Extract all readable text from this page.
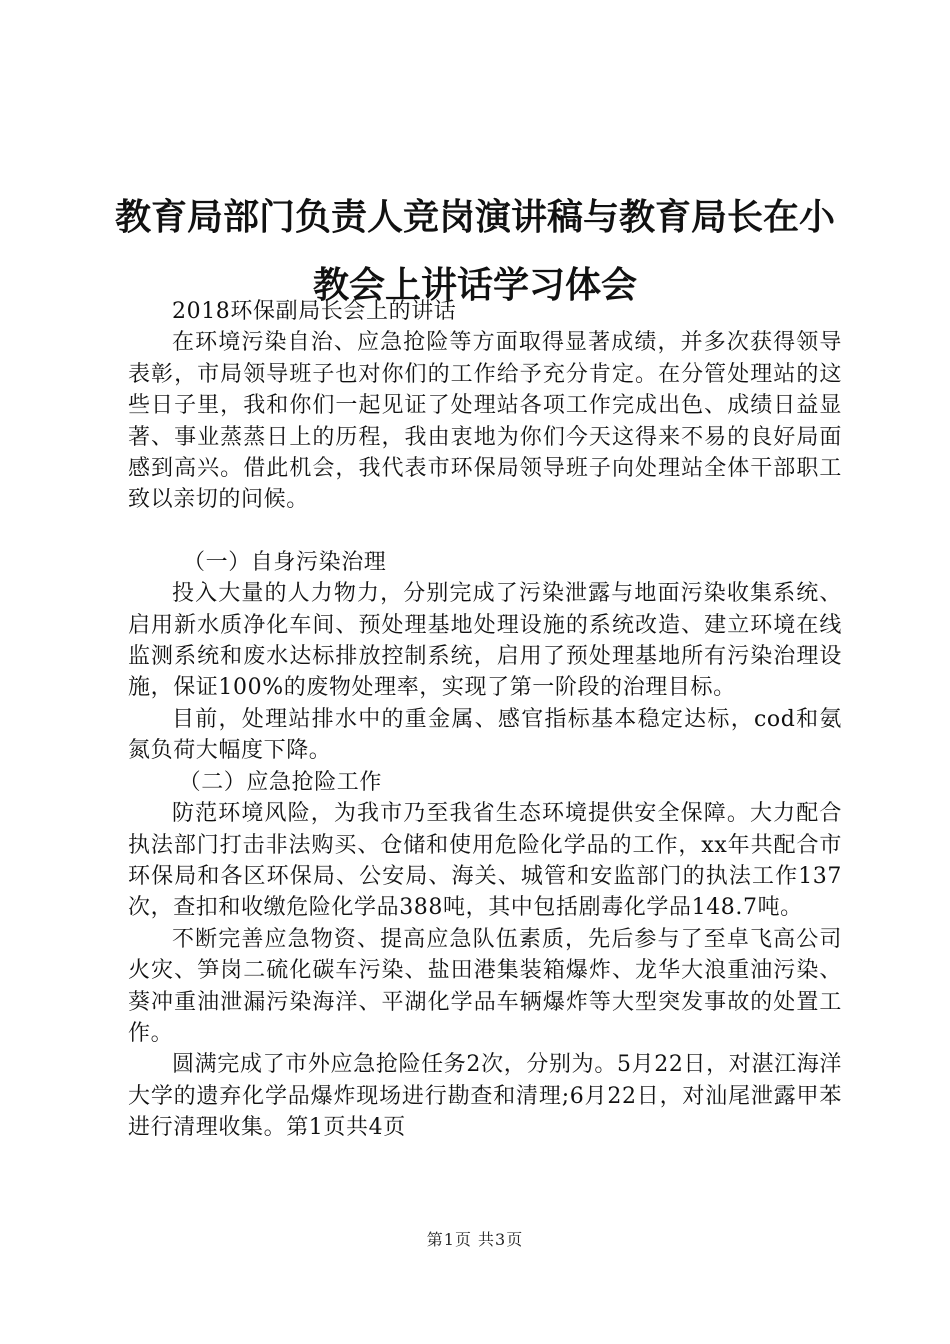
教育局部门负责人竞岗演讲稿与教育局长在小教会上讲话学习体会

2018环保副局长会上的讲话

在环境污染自治、应急抢险等方面取得显著成绩，并多次获得领导表彰，市局领导班子也对你们的工作给予充分肯定。在分管处理站的这些日子里，我和你们一起见证了处理站各项工作完成出色、成绩日益显著、事业蒸蒸日上的历程，我由衷地为你们今天这得来不易的良好局面感到高兴。借此机会，我代表市环保局领导班子向处理站全体干部职工致以亲切的问候。

（一）自身污染治理

投入大量的人力物力，分别完成了污染泄露与地面污染收集系统、启用新水质净化车间、预处理基地处理设施的系统改造、建立环境在线监测系统和废水达标排放控制系统，启用了预处理基地所有污染治理设施，保证100%的废物处理率，实现了第一阶段的治理目标。

目前，处理站排水中的重金属、感官指标基本稳定达标，cod和氨氮负荷大幅度下降。

（二）应急抢险工作

防范环境风险，为我市乃至我省生态环境提供安全保障。大力配合执法部门打击非法购买、仓储和使用危险化学品的工作，xx年共配合市环保局和各区环保局、公安局、海关、城管和安监部门的执法工作137次，查扣和收缴危险化学品388吨，其中包括剧毒化学品148.7吨。

不断完善应急物资、提高应急队伍素质，先后参与了至卓飞高公司火灾、笋岗二硫化碳车污染、盐田港集装箱爆炸、龙华大浪重油污染、葵冲重油泄漏污染海洋、平湖化学品车辆爆炸等大型突发事故的处置工作。

圆满完成了市外应急抢险任务2次，分别为。5月22日，对湛江海洋大学的遗弃化学品爆炸现场进行勘查和清理;6月22日，对汕尾泄露甲苯进行清理收集。第1页共4页

第1页 共3页
